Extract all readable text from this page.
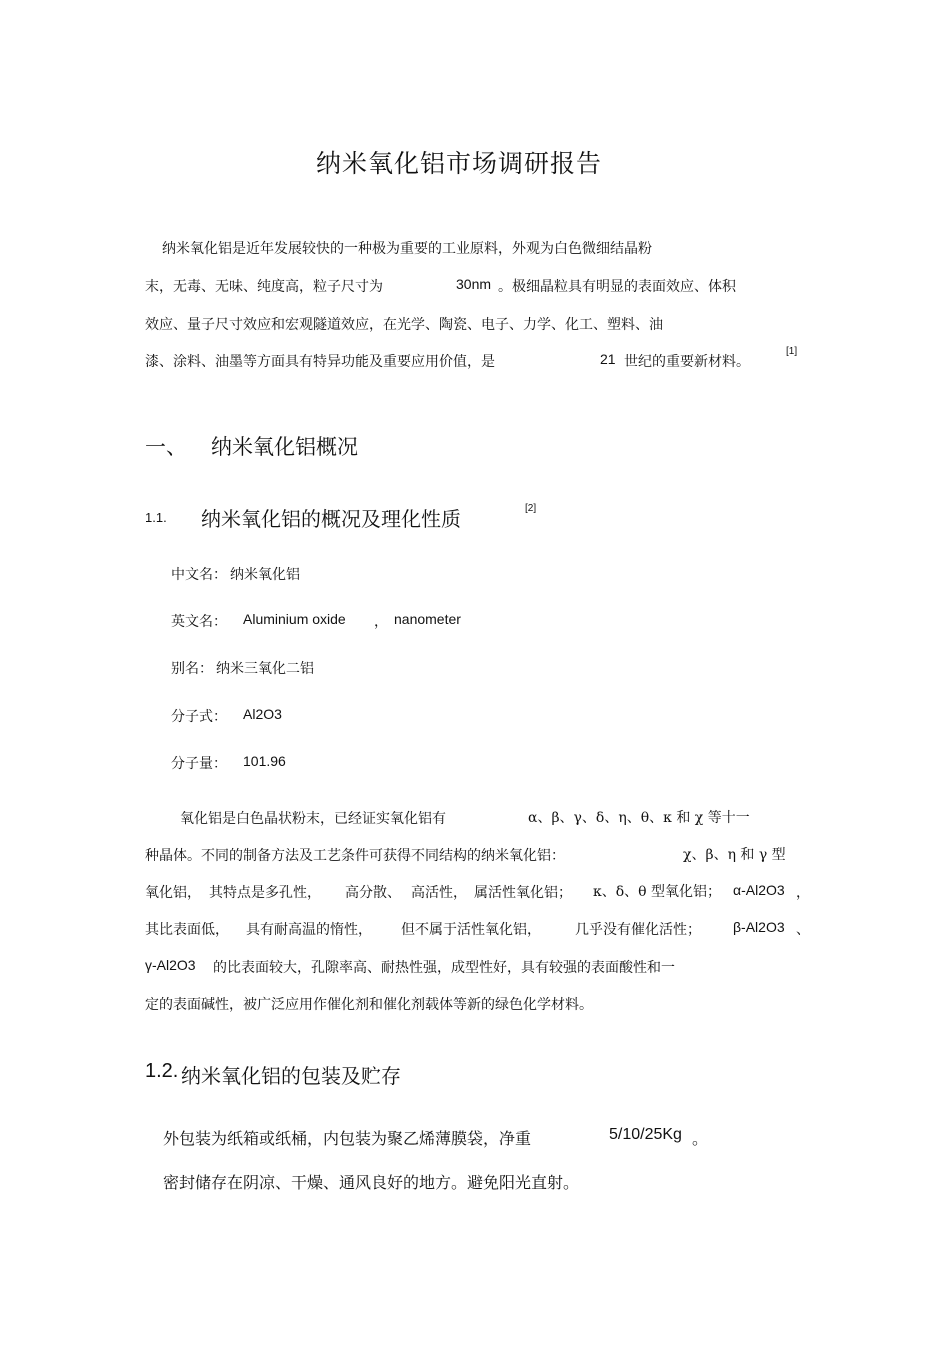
纳米氧化铝市场调研报告
纳米氧化铝是近年发展较快的一种极为重要的工业原料，外观为白色微细结晶粉
末，无毒、无味、纯度高，粒子尺寸为	30nm 。极细晶粒具有明显的表面效应、体积
效应、量子尺寸效应和宏观隧道效应，在光学、陶瓷、电子、力学、化工、塑料、油
漆、涂料、油墨等方面具有特异功能及重要应用价值，是	21 世纪的重要新材料。
[1]
一、 纳米氧化铝概况
1.1. 纳米氧化铝的概况及理化性质	[2]
中文名： 纳米氧化铝
英文名： Aluminium oxide ， nanometer
别名： 纳米三氧化二铝
分子式： Al2O3
分子量： 101.96
氧化铝是白色晶状粉末，已经证实氧化铝有	α、β、γ、δ、η、θ、κ 和 χ 等十一
种晶体。不同的制备方法及工艺条件可获得不同结构的纳米氧化铝：	χ、β、η 和 γ 型
氧化铝， 其特点是多孔性， 高分散、 高活性， 属活性氧化铝； κ、δ、θ 型氧化铝； α-Al2O3 ，
其比表面低， 具有耐高温的惰性， 但不属于活性氧化铝， 几乎没有催化活性； β-Al2O3 、
γ-Al2O3 的比表面较大，孔隙率高、耐热性强，成型性好，具有较强的表面酸性和一
定的表面碱性，被广泛应用作催化剂和催化剂载体等新的绿色化学材料。
1.2. 纳米氧化铝的包装及贮存
外包装为纸箱或纸桶，内包装为聚乙烯薄膜袋，净重	5/10/25Kg 。
密封储存在阴凉、干燥、通风良好的地方。避免阳光直射。
